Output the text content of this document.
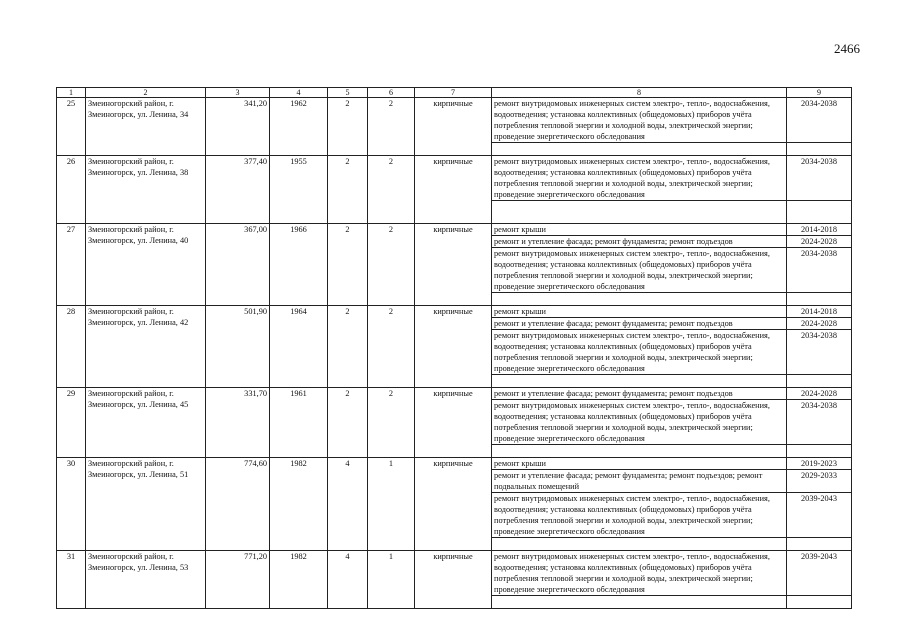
2466
1	2	3	4	5	6	7	8	9
25	Змеиногорский район, г. Змеиногорск, ул. Ленина, 34	341,20	1962	2	2	кирпичные	ремонт внутридомовых инженерных систем электро-, тепло-, водоснабжения, водоотведения; установка коллективных (общедомовых) приборов учёта потребления тепловой энергии и холодной воды, электрической энергии; проведение энергетического обследования	2034-2038

26	Змеиногорский район, г. Змеиногорск, ул. Ленина, 38	377,40	1955	2	2	кирпичные	ремонт внутридомовых инженерных систем электро-, тепло-, водоснабжения, водоотведения; установка коллективных (общедомовых) приборов учёта потребления тепловой энергии и холодной воды, электрической энергии; проведение энергетического обследования	2034-2038

27	Змеиногорский район, г. Змеиногорск, ул. Ленина, 40	367,00	1966	2	2	кирпичные	ремонт крыши	2014-2018
							ремонт и утепление фасада; ремонт фундамента; ремонт подъездов	2024-2028
							ремонт внутридомовых инженерных систем электро-, тепло-, водоснабжения, водоотведения; установка коллективных (общедомовых) приборов учёта потребления тепловой энергии и холодной воды, электрической энергии; проведение энергетического обследования	2034-2038

28	Змеиногорский район, г. Змеиногорск, ул. Ленина, 42	501,90	1964	2	2	кирпичные	ремонт крыши	2014-2018
							ремонт и утепление фасада; ремонт фундамента; ремонт подъездов	2024-2028
							ремонт внутридомовых инженерных систем электро-, тепло-, водоснабжения, водоотведения; установка коллективных (общедомовых) приборов учёта потребления тепловой энергии и холодной воды, электрической энергии; проведение энергетического обследования	2034-2038

29	Змеиногорский район, г. Змеиногорск, ул. Ленина, 45	331,70	1961	2	2	кирпичные	ремонт и утепление фасада; ремонт фундамента; ремонт подъездов	2024-2028
							ремонт внутридомовых инженерных систем электро-, тепло-, водоснабжения, водоотведения; установка коллективных (общедомовых) приборов учёта потребления тепловой энергии и холодной воды, электрической энергии; проведение энергетического обследования	2034-2038

30	Змеиногорский район, г. Змеиногорск, ул. Ленина, 51	774,60	1982	4	1	кирпичные	ремонт крыши	2019-2023
							ремонт и утепление фасада; ремонт фундамента; ремонт подъездов; ремонт подвальных помещений	2029-2033
							ремонт внутридомовых инженерных систем электро-, тепло-, водоснабжения, водоотведения; установка коллективных (общедомовых) приборов учёта потребления тепловой энергии и холодной воды, электрической энергии; проведение энергетического обследования	2039-2043

31	Змеиногорский район, г. Змеиногорск, ул. Ленина, 53	771,20	1982	4	1	кирпичные	ремонт внутридомовых инженерных систем электро-, тепло-, водоснабжения, водоотведения; установка коллективных (общедомовых) приборов учёта потребления тепловой энергии и холодной воды, электрической энергии; проведение энергетического обследования	2039-2043
